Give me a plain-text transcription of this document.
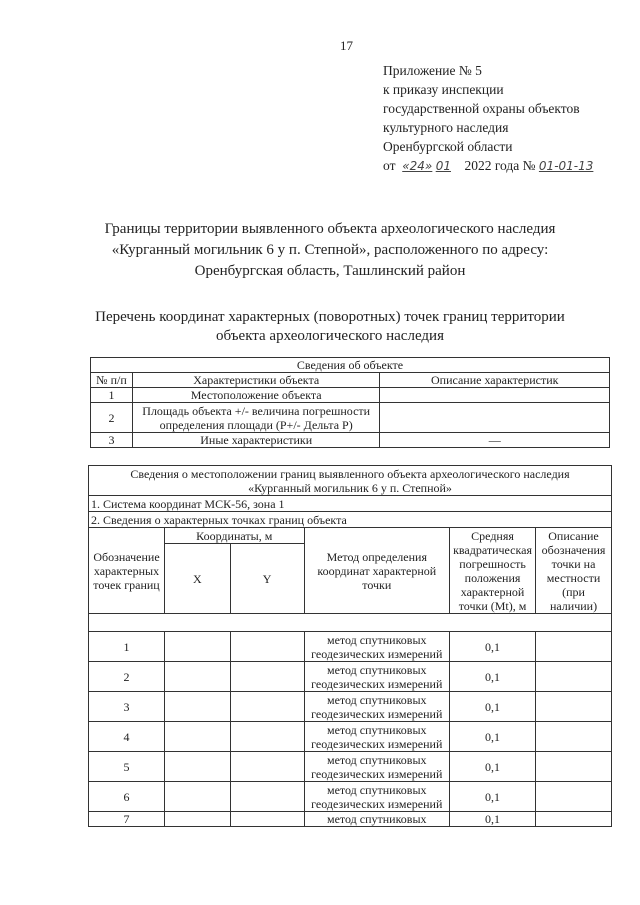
17
Приложение № 5
к приказу инспекции
государственной охраны объектов
культурного наследия
Оренбургской области
от «24» 01 2022 года № 01-01-13
Границы территории выявленного объекта археологического наследия
«Курганный могильник 6 у п. Степной», расположенного по адресу:
Оренбургская область, Ташлинский район
Перечень координат характерных (поворотных) точек границ территории
объекта археологического наследия
Сведения об объекте		
№ п/п	Характеристики объекта	Описание характеристик
1	Местоположение объекта	
2	Площадь объекта +/- величина погрешности определения площади (Р+/- Дельта Р)	
3	Иные характеристики	—
Сведения о местоположении границ выявленного объекта археологического наследия
«Курганный могильник 6 у п. Степной»					

1. Система координат МСК-56, зона 1					
2. Сведения о характерных точках границ объекта					
Обозначение характерных точек границ	Координаты, м		Метод определения координат характерной точки	Средняя квадратическая погрешность положения характерной точки (Mt), м	Описание обозначения точки на местности (при наличии)
	X	Y			

1			метод спутниковых геодезических измерений	0,1	
2			метод спутниковых геодезических измерений	0,1	
3			метод спутниковых геодезических измерений	0,1	
4			метод спутниковых геодезических измерений	0,1	
5			метод спутниковых геодезических измерений	0,1	
6			метод спутниковых геодезических измерений	0,1	
7			метод спутниковых	0,1	
